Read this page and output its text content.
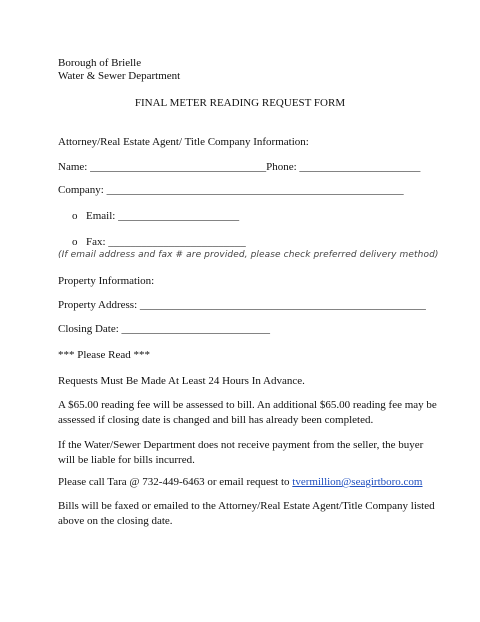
Borough of Brielle
Water & Sewer Department
FINAL METER READING REQUEST FORM
Attorney/Real Estate Agent/ Title Company Information:
Name: ________________________________Phone: ______________________
Company: ______________________________________________________
o Email: ______________________
o Fax: _________________________
(If email address and fax # are provided, please check preferred delivery method)
Property Information:
Property Address: ____________________________________________________
Closing Date: ___________________________
*** Please Read ***
Requests Must Be Made At Least 24 Hours In Advance.
A $65.00 reading fee will be assessed to bill. An additional $65.00 reading fee may be assessed if closing date is changed and bill has already been completed.
If the Water/Sewer Department does not receive payment from the seller, the buyer will be liable for bills incurred.
Please call Tara @ 732-449-6463 or email request to tvermillion@seagirtboro.com
Bills will be faxed or emailed to the Attorney/Real Estate Agent/Title Company listed above on the closing date.
